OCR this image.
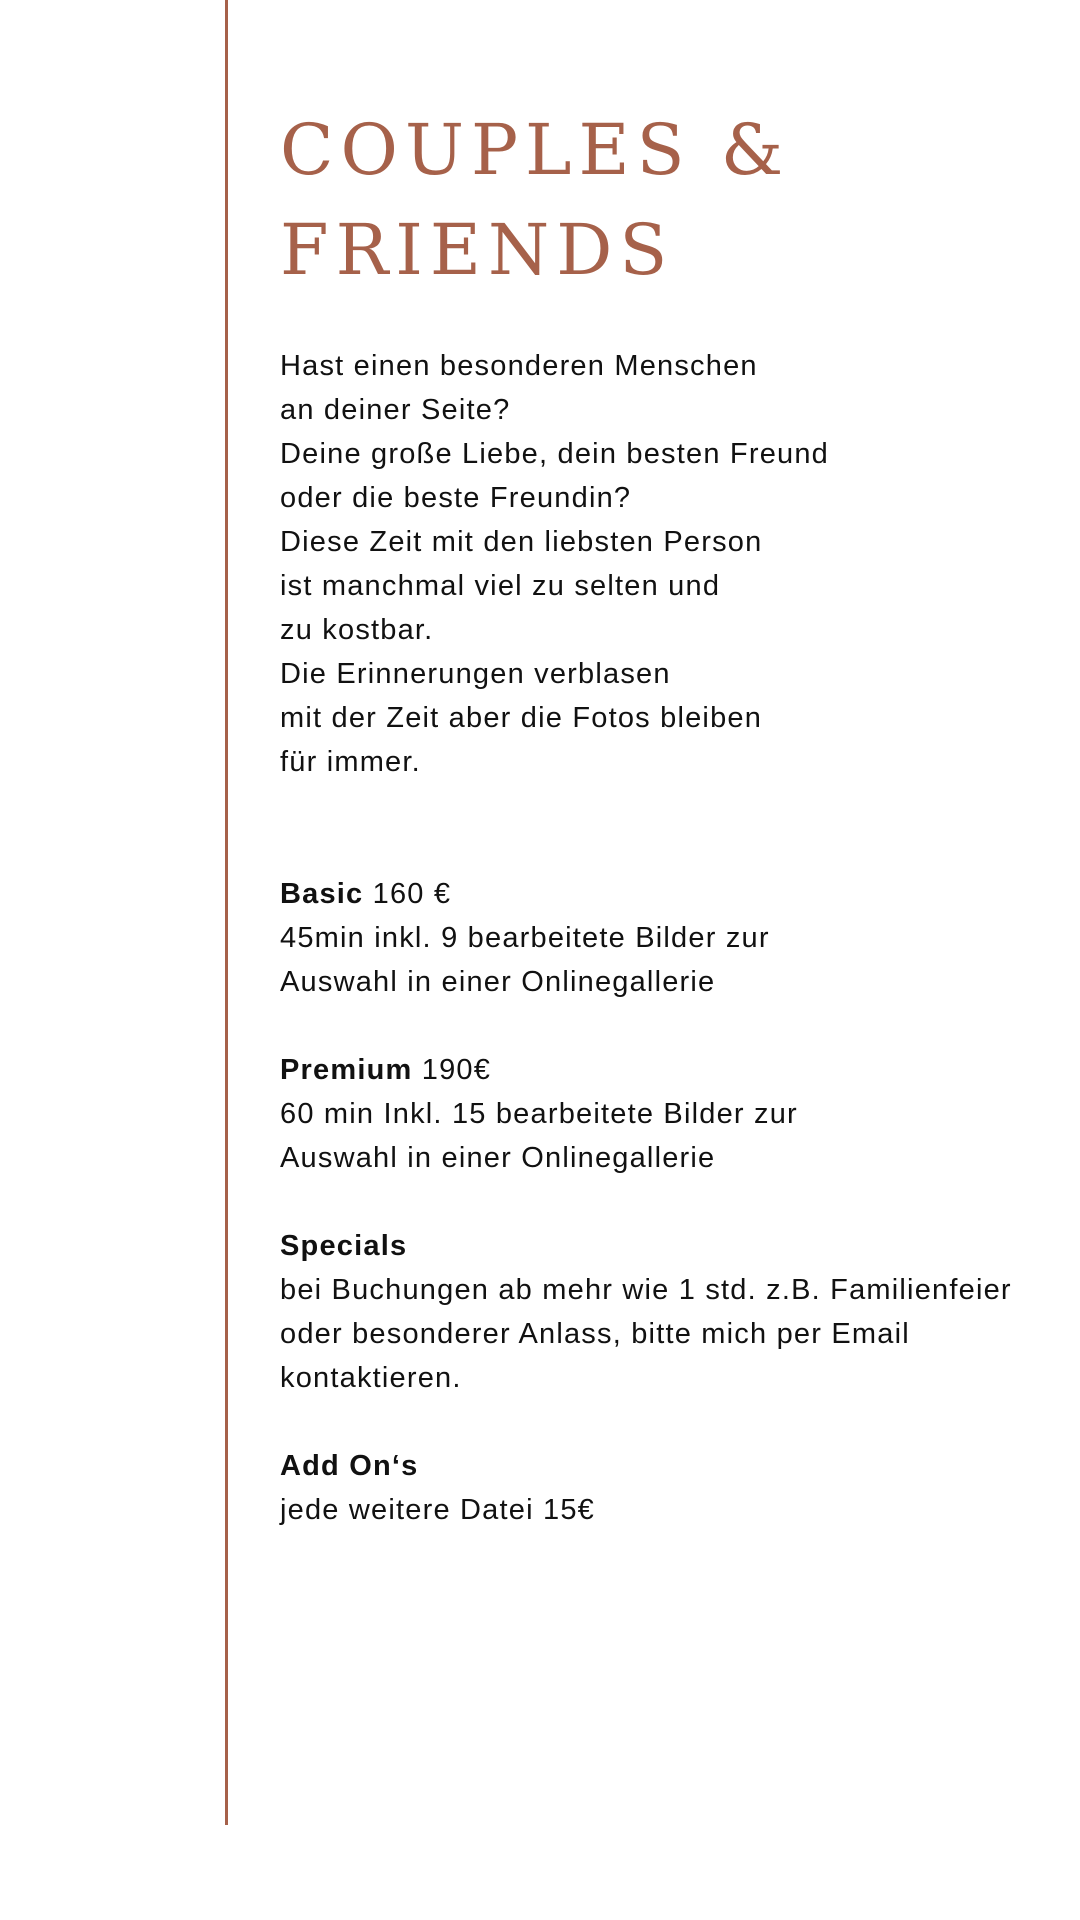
COUPLES &
FRIENDS
Hast einen besonderen Menschen
an deiner Seite?
Deine große Liebe, dein besten Freund
oder die beste Freundin?
Diese Zeit mit den liebsten Person
ist manchmal viel zu selten und
zu kostbar.
Die Erinnerungen verblasen
mit der Zeit aber die Fotos bleiben
für immer.
Basic 160 €
45min inkl. 9 bearbeitete Bilder zur
Auswahl in einer Onlinegallerie
Premium 190€
60 min Inkl. 15 bearbeitete Bilder zur
Auswahl in einer Onlinegallerie
Specials
bei Buchungen ab mehr wie 1 std. z.B. Familienfeier
oder besonderer Anlass, bitte mich per Email
kontaktieren.
Add On‘s
jede weitere Datei 15€
